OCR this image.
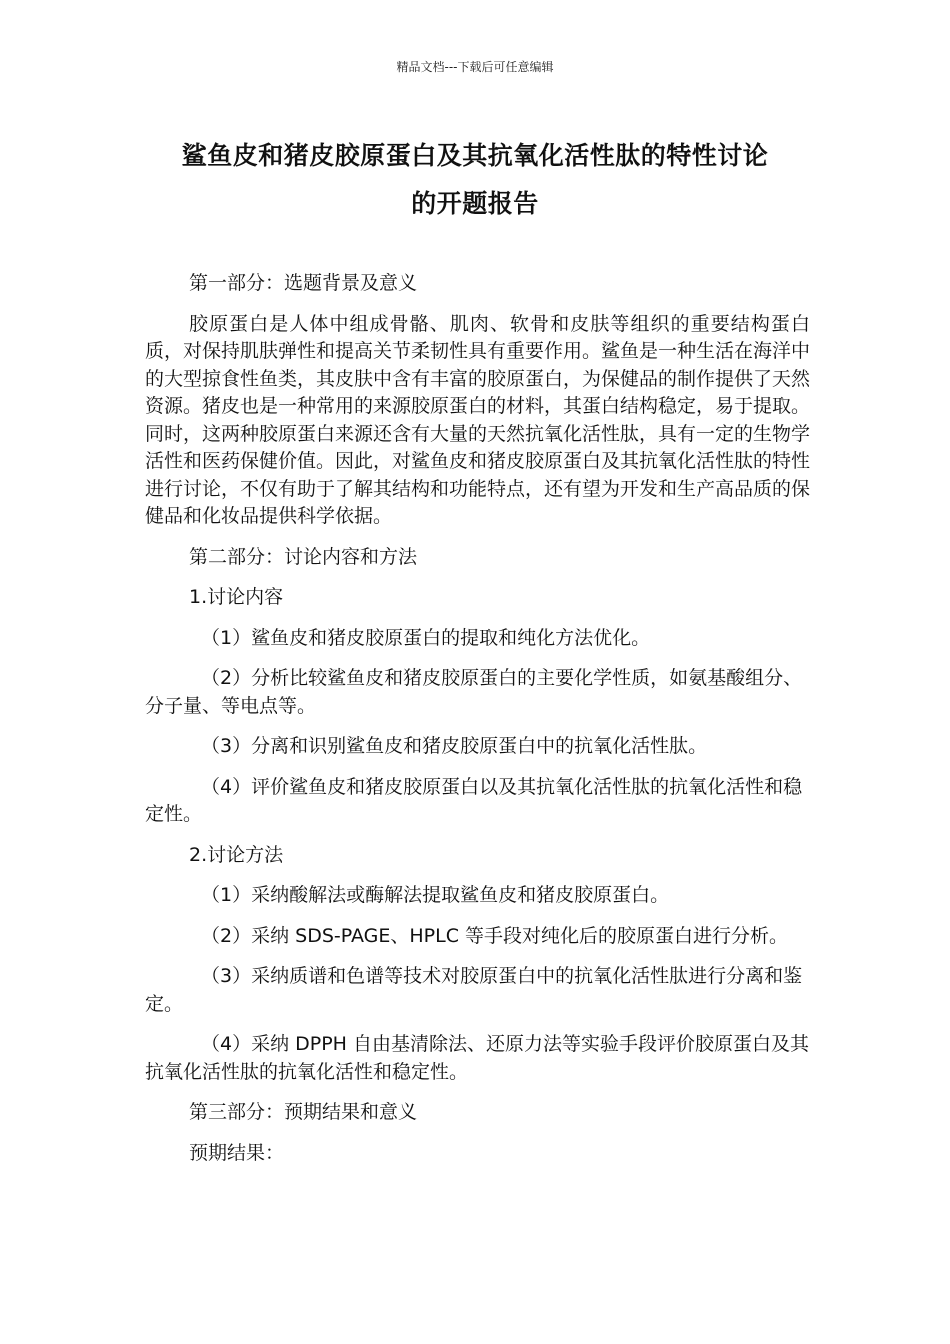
精品文档---下载后可任意编辑
鲨鱼皮和猪皮胶原蛋白及其抗氧化活性肽的特性讨论
的开题报告

第一部分：选题背景及意义

胶原蛋白是人体中组成骨骼、肌肉、软骨和皮肤等组织的重要结构蛋白质，对保持肌肤弹性和提高关节柔韧性具有重要作用。鲨鱼是一种生活在海洋中的大型掠食性鱼类，其皮肤中含有丰富的胶原蛋白，为保健品的制作提供了天然资源。猪皮也是一种常用的来源胶原蛋白的材料，其蛋白结构稳定，易于提取。同时，这两种胶原蛋白来源还含有大量的天然抗氧化活性肽，具有一定的生物学活性和医药保健价值。因此，对鲨鱼皮和猪皮胶原蛋白及其抗氧化活性肽的特性进行讨论，不仅有助于了解其结构和功能特点，还有望为开发和生产高品质的保健品和化妆品提供科学依据。

第二部分：讨论内容和方法

1.讨论内容

（1）鲨鱼皮和猪皮胶原蛋白的提取和纯化方法优化。

（2）分析比较鲨鱼皮和猪皮胶原蛋白的主要化学性质，如氨基酸组分、分子量、等电点等。

（3）分离和识别鲨鱼皮和猪皮胶原蛋白中的抗氧化活性肽。

（4）评价鲨鱼皮和猪皮胶原蛋白以及其抗氧化活性肽的抗氧化活性和稳定性。

2.讨论方法

（1）采纳酸解法或酶解法提取鲨鱼皮和猪皮胶原蛋白。

（2）采纳 SDS-PAGE、HPLC 等手段对纯化后的胶原蛋白进行分析。

（3）采纳质谱和色谱等技术对胶原蛋白中的抗氧化活性肽进行分离和鉴定。

（4）采纳 DPPH 自由基清除法、还原力法等实验手段评价胶原蛋白及其抗氧化活性肽的抗氧化活性和稳定性。

第三部分：预期结果和意义

预期结果：
